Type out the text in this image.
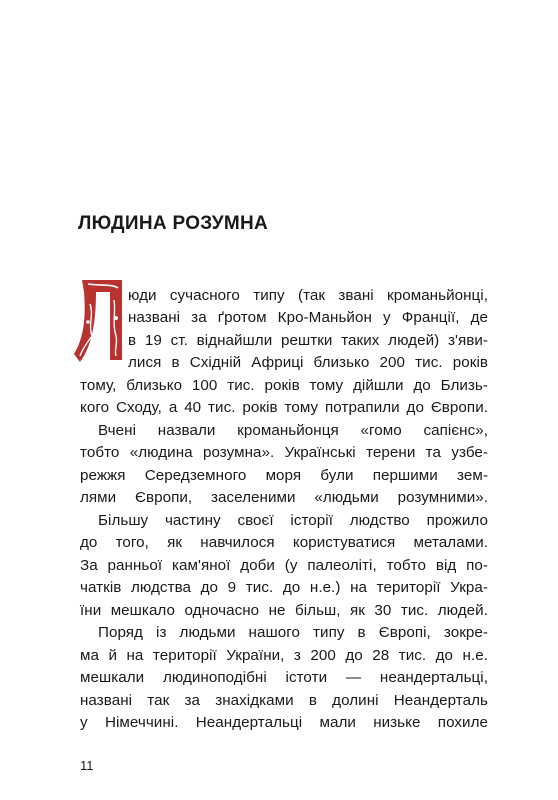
ЛЮДИНА РОЗУМНА
юди сучасного типу (так звані кроманьйонці,
названі за ґротом Кро-Маньйон у Франції, де
в 19 ст. віднайшли рештки таких людей) з'яви-
лися в Східній Африці близько 200 тис. років
тому, близько 100 тис. років тому дійшли до Близь-
кого Сходу, а 40 тис. років тому потрапили до Європи.
Вчені назвали кроманьйонця «гомо сапієнс»,
тобто «людина розумна». Українські терени та узбе-
режжя Середземного моря були першими зем-
лями Європи, заселеними «людьми розумними».
Більшу частину своєї історії людство прожило
до того, як навчилося користуватися металами.
За ранньої кам'яної доби (у палеоліті, тобто від по-
чатків людства до 9 тис. до н.е.) на території Укра-
їни мешкало одночасно не більш, як 30 тис. людей.
Поряд із людьми нашого типу в Європі, зокре-
ма й на території України, з 200 до 28 тис. до н.е.
мешкали людиноподібні істоти — неандертальці,
названі так за знахідками в долині Неандерталь
у Німеччині. Неандертальці мали низьке похиле
11
